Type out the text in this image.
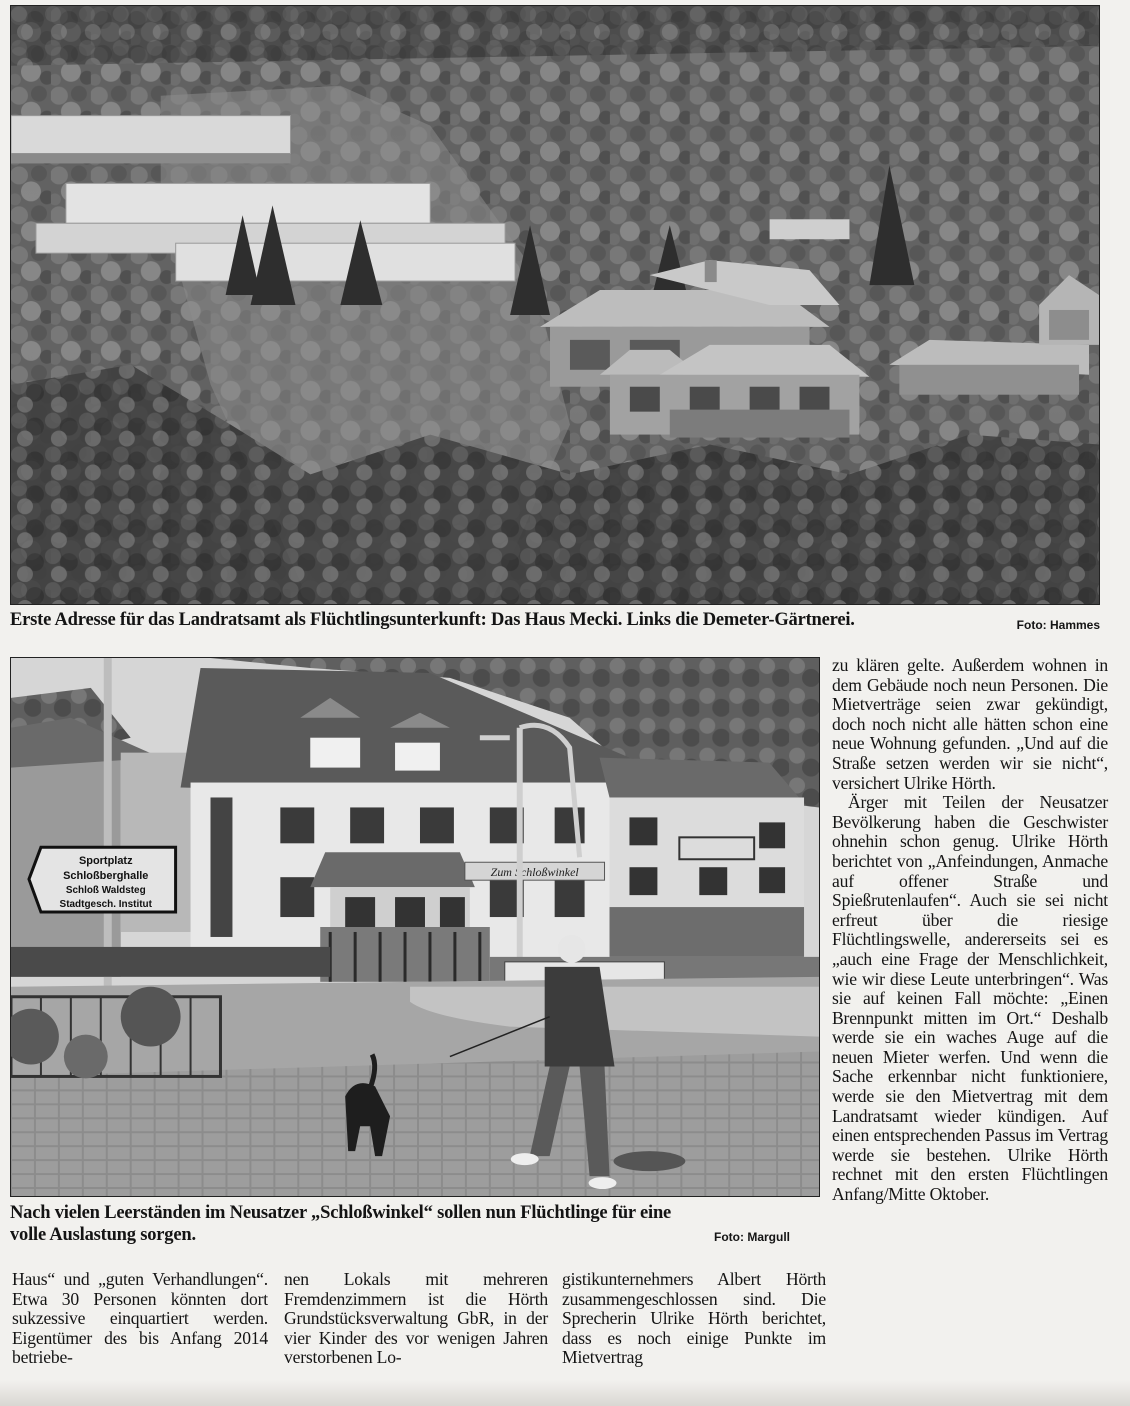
Erste Adresse für das Landratsamt als Flüchtlingsunterkunft: Das Haus Mecki. Links die Demeter-Gärtnerei.	Foto: Hammes
Zum Schloßwinkel
Sportplatz
Schloßberghalle
Schloß Waldsteg
Stadtgesch. Institut
Nach vielen Leerständen im Neusatzer „Schloßwinkel“ sollen nun Flüchtlinge für eine volle Auslastung sorgen.	Foto: Margull

zu klären gelte. Außerdem wohnen in dem Gebäude noch neun Personen. Die Mietverträge seien zwar gekündigt, doch noch nicht alle hätten schon eine neue Wohnung gefunden. „Und auf die Straße setzen werden wir sie nicht“, versichert Ulrike Hörth.

Ärger mit Teilen der Neusatzer Bevölkerung haben die Geschwister ohnehin schon genug. Ulrike Hörth berichtet von „Anfeindungen, Anmache auf offener Straße und Spießrutenlaufen“. Auch sie sei nicht erfreut über die riesige Flüchtlingswelle, andererseits sei es „auch eine Frage der Menschlichkeit, wie wir diese Leute unterbringen“. Was sie auf keinen Fall möchte: „Einen Brennpunkt mitten im Ort.“ Deshalb werde sie ein waches Auge auf die neuen Mieter werfen. Und wenn die Sache erkennbar nicht funktioniere, werde sie den Mietvertrag mit dem Landratsamt wieder kündigen. Auf einen entsprechenden Passus im Vertrag werde sie bestehen. Ulrike Hörth rechnet mit den ersten Flüchtlingen Anfang/Mitte Oktober.

Haus“ und „guten Verhandlungen“. Etwa 30 Personen könnten dort sukzessive einquartiert werden. Eigentümer des bis Anfang 2014 betriebe-

nen Lokals mit mehreren Fremdenzimmern ist die Hörth Grundstücksverwaltung GbR, in der vier Kinder des vor wenigen Jahren verstorbenen Lo-

gistikunternehmers Albert Hörth zusammengeschlossen sind. Die Sprecherin Ulrike Hörth berichtet, dass es noch einige Punkte im Mietvertrag
